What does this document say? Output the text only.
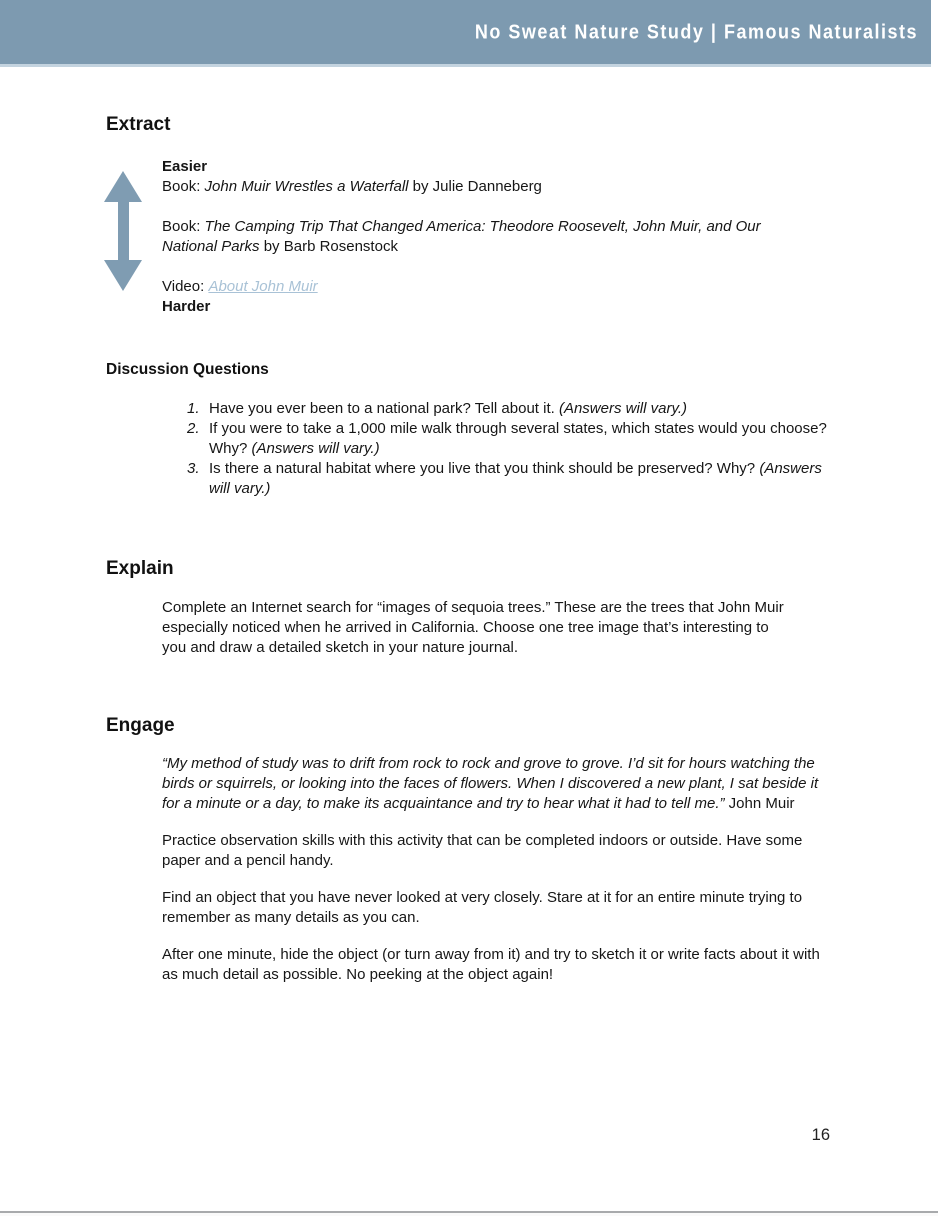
No Sweat Nature Study | Famous Naturalists
Extract

Easier

Book: John Muir Wrestles a Waterfall by Julie Danneberg

Book: The Camping Trip That Changed America: Theodore Roosevelt, John Muir, and Our National Parks by Barb Rosenstock

Video: About John Muir

Harder

Discussion Questions
1. Have you ever been to a national park? Tell about it. (Answers will vary.)
2. If you were to take a 1,000 mile walk through several states, which states would you choose? Why? (Answers will vary.)
3. Is there a natural habitat where you live that you think should be preserved? Why? (Answers will vary.)
Explain

Complete an Internet search for “images of sequoia trees.” These are the trees that John Muir especially noticed when he arrived in California. Choose one tree image that’s interesting to you and draw a detailed sketch in your nature journal.

Engage

“My method of study was to drift from rock to rock and grove to grove. I’d sit for hours watching the birds or squirrels, or looking into the faces of flowers. When I discovered a new plant, I sat beside it for a minute or a day, to make its acquaintance and try to hear what it had to tell me.” John Muir

Practice observation skills with this activity that can be completed indoors or outside. Have some paper and a pencil handy.

Find an object that you have never looked at very closely. Stare at it for an entire minute trying to remember as many details as you can.

After one minute, hide the object (or turn away from it) and try to sketch it or write facts about it with as much detail as possible. No peeking at the object again!

16
